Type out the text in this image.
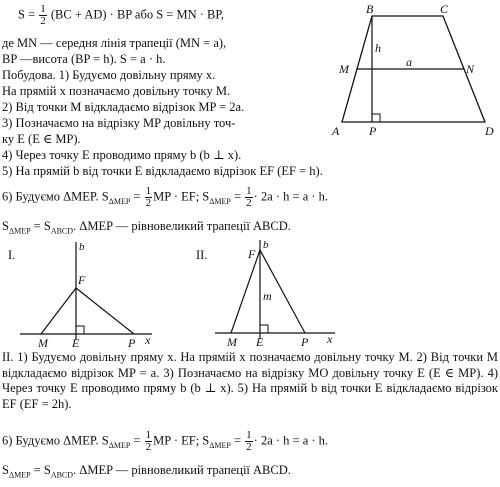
$S = \frac{1}{2} (BC + AD)$ · BP або S = MN · BP,
де MN — середня лінія трапеції (MN = a),
BP —висота (BP = h). S = a · h.
Побудова. 1) Будуємо довільну пряму x.
На прямій x позначаємо довільну точку M.
2) Від точки M відкладаємо відрізок MP = 2a.
3) Позначаємо на відрізку MP довільну точ-
ку E (E ∈ MP).
4) Через точку E проводимо пряму b (b ⊥ x).
5) На прямій b від точки E відкладаємо відрізок EF (EF = h).
B	C
M	N
A P	D
h
a
6) Будуємо ΔMEP. $S_{\Delta MEP} = \frac{1}{2}$ MP · EF; $S_{\Delta MEP} = \frac{1}{2} \cdot 2a \cdot h = a \cdot h$.
$S_{\Delta MEP} = S_{ABCD}$. ΔMEP — рівновеликий трапеції ABCD.
I.
b
F
M E	P x
II.
b
F
m
M E	P x
II. 1) Будуємо довільну пряму x. На прямій x позначаємо довільну точку M. 2) Від точки M відкладаємо відрізок MP = a. 3) Позначаємо на відрізку MO довільну точку E (E ∈ MP). 4) Через точку E проводимо пряму b (b ⊥ x). 5) На прямій b від точки E відкладаємо відрізок EF (EF = 2h).
6) Будуємо ΔMEP. $S_{\Delta MEP} = \frac{1}{2}$ MP · EF; $S_{\Delta MEP} = \frac{1}{2} \cdot 2a \cdot h = a \cdot h$.
$S_{\Delta MEP} = S_{ABCD}$. ΔMEP — рівновеликий трапеції ABCD.
